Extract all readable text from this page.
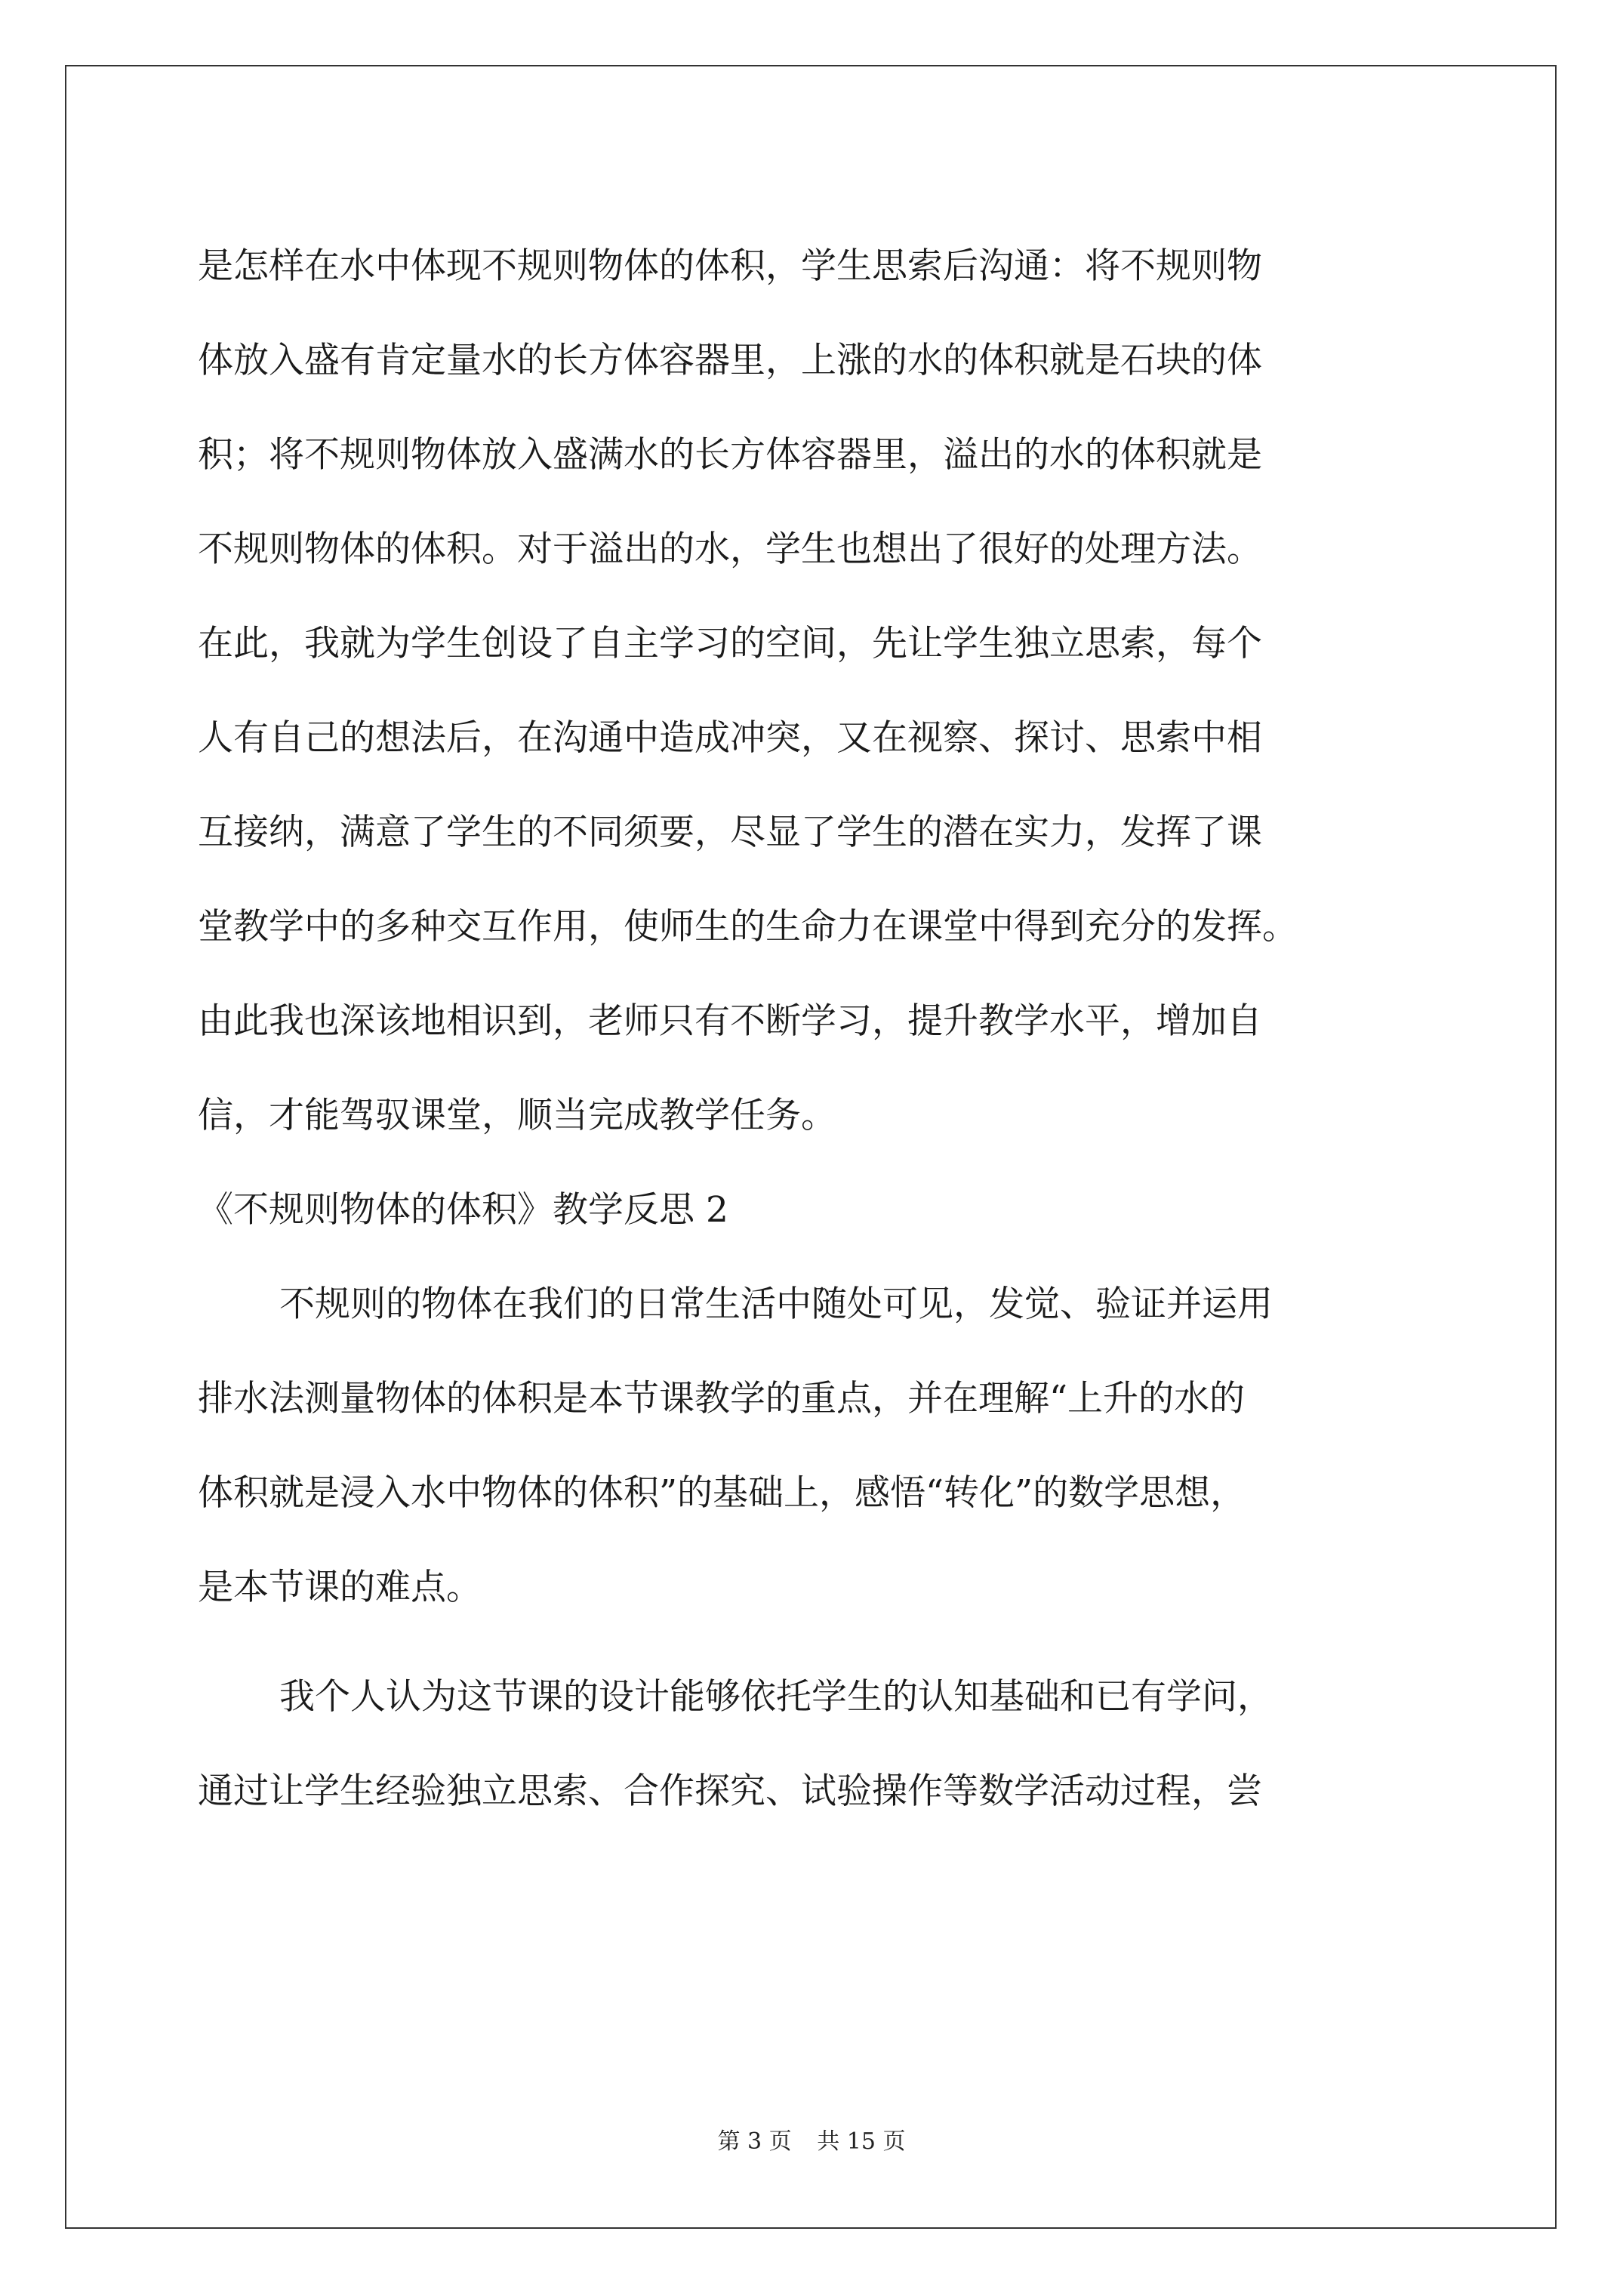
是怎样在水中体现不规则物体的体积，学生思索后沟通：将不规则物
体放入盛有肯定量水的长方体容器里，上涨的水的体积就是石块的体
积；将不规则物体放入盛满水的长方体容器里，溢出的水的体积就是
不规则物体的体积。对于溢出的水，学生也想出了很好的处理方法。
在此，我就为学生创设了自主学习的空间，先让学生独立思索，每个
人有自己的想法后，在沟通中造成冲突，又在视察、探讨、思索中相
互接纳，满意了学生的不同须要，尽显了学生的潜在实力，发挥了课
堂教学中的多种交互作用，使师生的生命力在课堂中得到充分的发挥。
由此我也深该地相识到，老师只有不断学习，提升教学水平，增加自
信，才能驾驭课堂，顺当完成教学任务。
《不规则物体的体积》教学反思 2
不规则的物体在我们的日常生活中随处可见，发觉、验证并运用
排水法测量物体的体积是本节课教学的重点，并在理解“上升的水的
体积就是浸入水中物体的体积”的基础上，感悟“转化”的数学思想，
是本节课的难点。
我个人认为这节课的设计能够依托学生的认知基础和已有学问，
通过让学生经验独立思索、合作探究、试验操作等数学活动过程，尝
第 3 页 共 15 页
